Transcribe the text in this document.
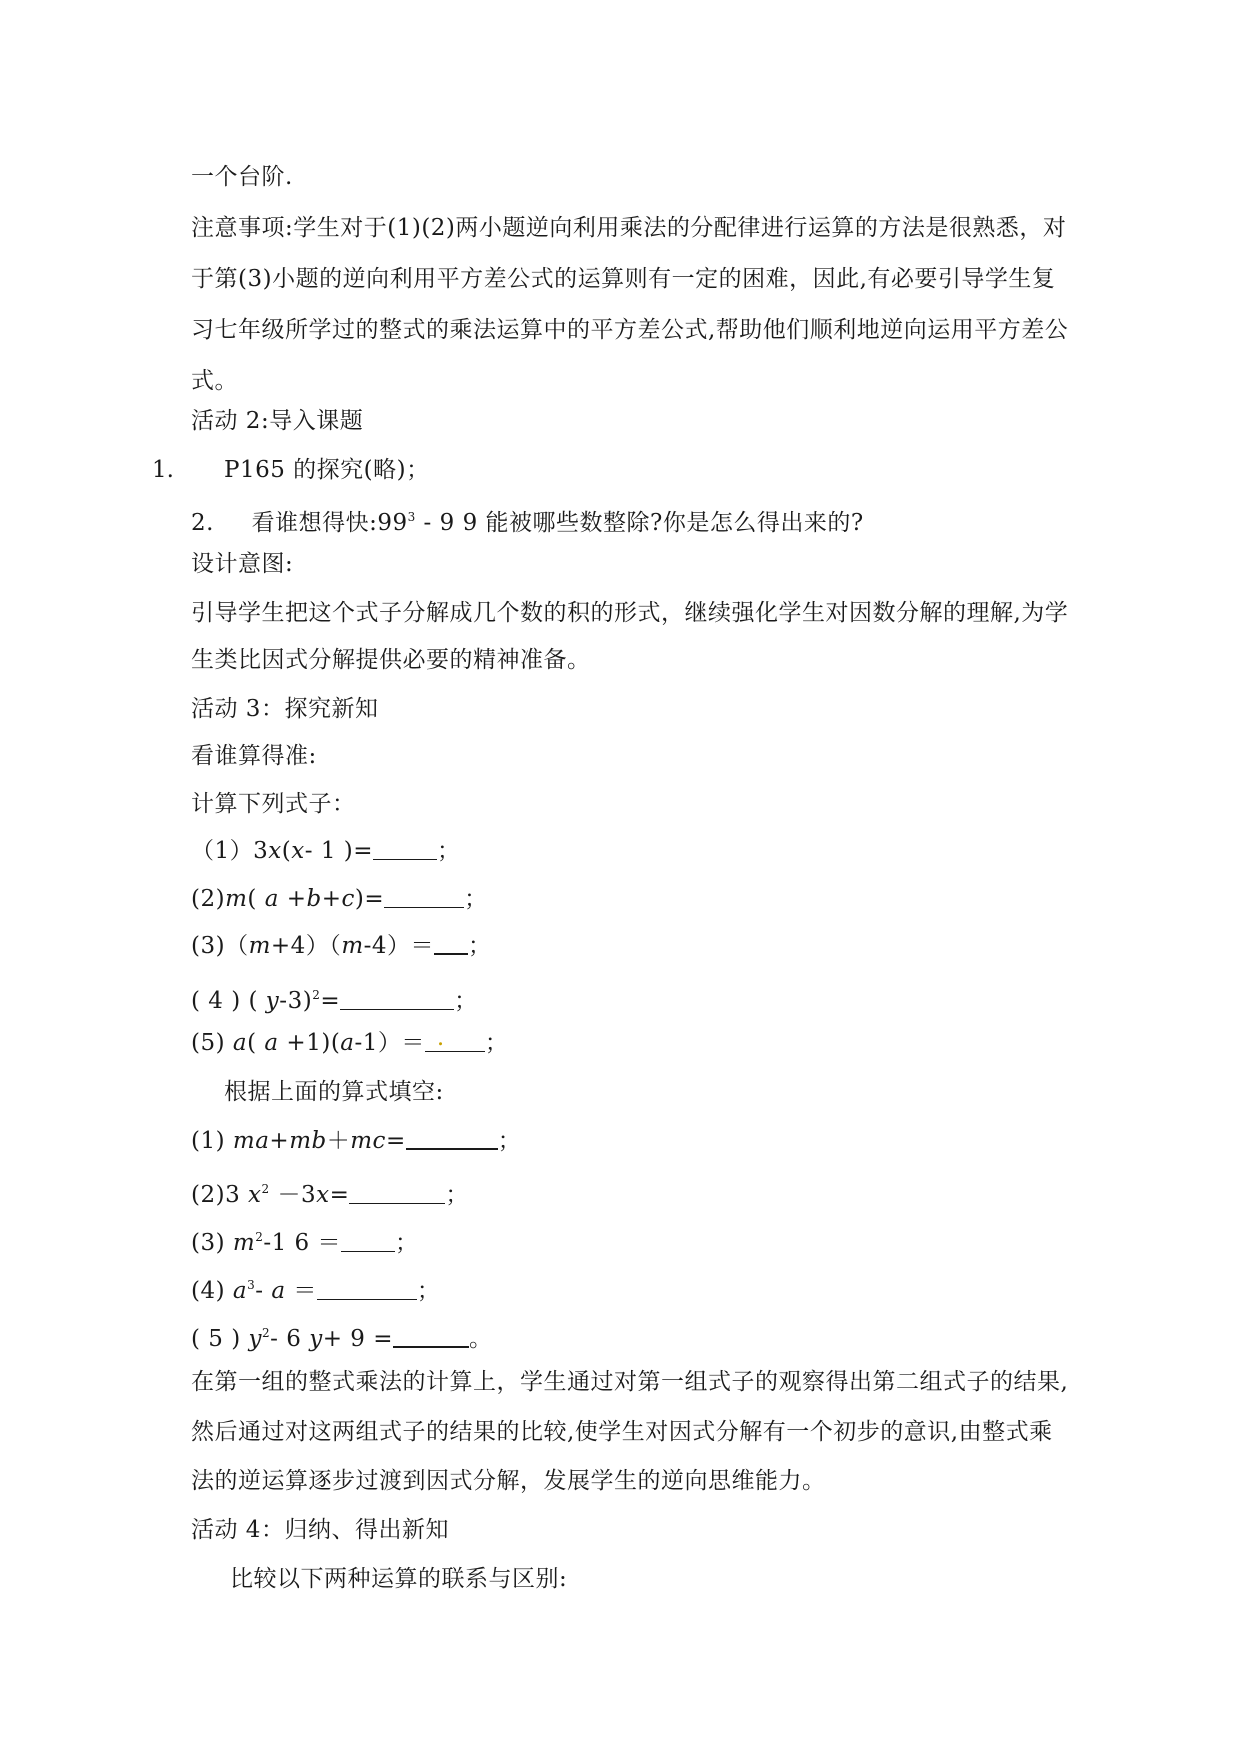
一个台阶.
注意事项:学生对于(1)(2)两小题逆向利用乘法的分配律进行运算的方法是很熟悉，对
于第(3)小题的逆向利用平方差公式的运算则有一定的困难，因此,有必要引导学生复
习七年级所学过的整式的乘法运算中的平方差公式,帮助他们顺利地逆向运用平方差公
式。
活动 2:导入课题
1. P165 的探究(略)；
2. 看谁想得快$:99^3 - 9$ 9 能被哪些数整除?你是怎么得出来的?
设计意图:
引导学生把这个式子分解成几个数的积的形式，继续强化学生对因数分解的理解,为学
生类比因式分解提供必要的精神准备。
活动 3：探究新知
看谁算得准:
计算下列式子：
（1）3x(x- 1 )=	；
(2)m( a +b+c)=	；
(3)（m+4）（m-4）＝ ；
( 4 ) ( y-3)$^2$=	；
(5) a( a +1)(a-1）＝ . ；
根据上面的算式填空:
(1) ma+mb＋mc=	；
(2)3 $x^2 -3x=$	；
(3) $m^2-1$ 6 ＝ ；
(4) $a^3-$ a ＝	；
( 5 ) $y^2-$ 6 y+ 9 =	。
在第一组的整式乘法的计算上，学生通过对第一组式子的观察得出第二组式子的结果,
然后通过对这两组式子的结果的比较,使学生对因式分解有一个初步的意识,由整式乘
法的逆运算逐步过渡到因式分解，发展学生的逆向思维能力。
活动 4：归纳、得出新知
比较以下两种运算的联系与区别:
